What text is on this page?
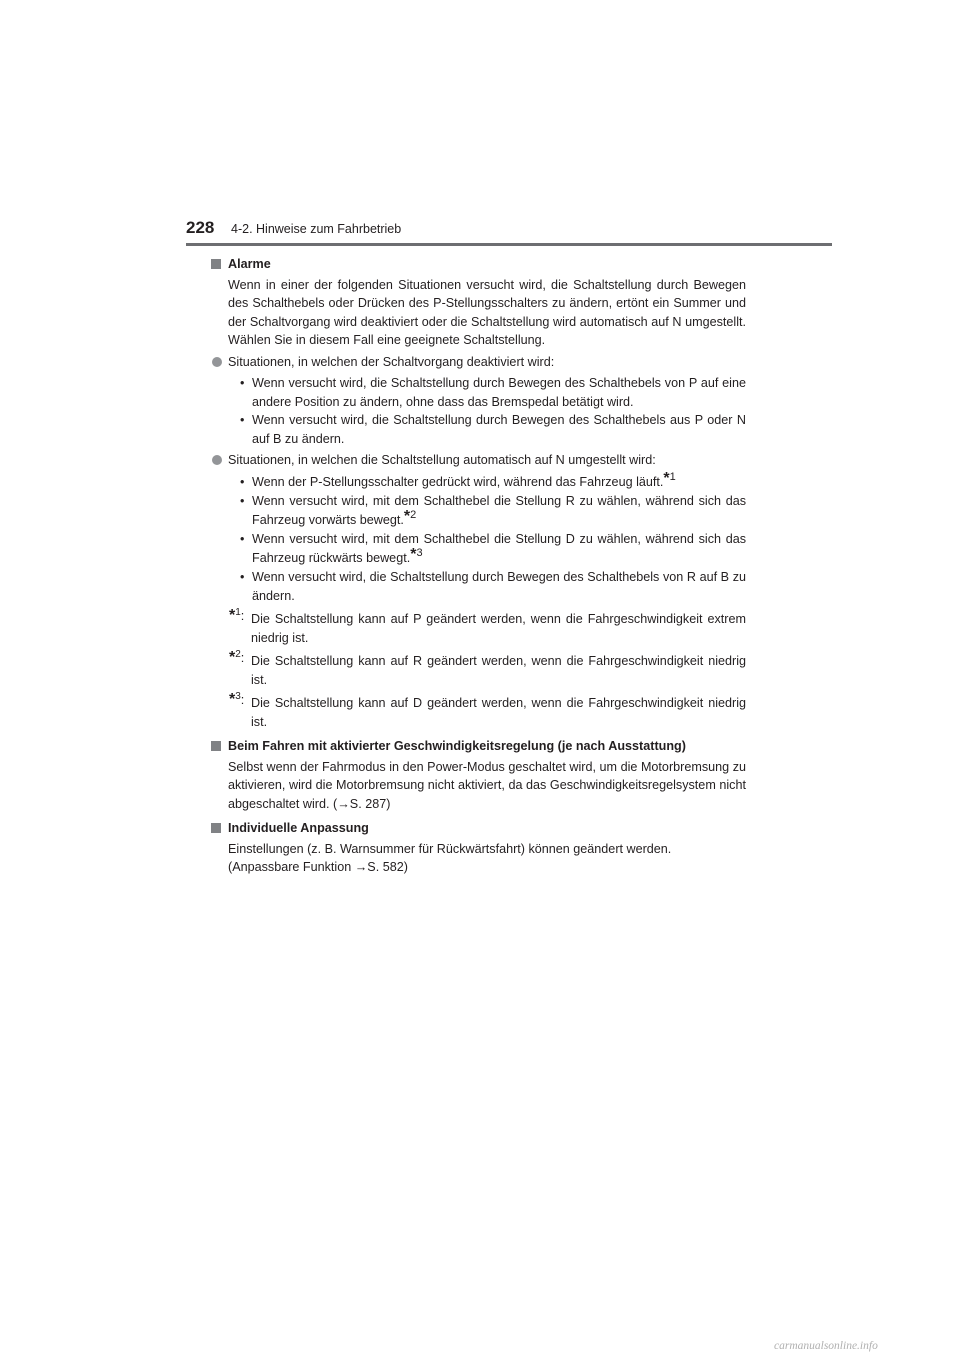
228 4-2. Hinweise zum Fahrbetrieb
Alarme
Wenn in einer der folgenden Situationen versucht wird, die Schaltstellung durch Bewegen des Schalthebels oder Drücken des P-Stellungsschalters zu ändern, ertönt ein Summer und der Schaltvorgang wird deaktiviert oder die Schaltstellung wird automatisch auf N umgestellt. Wählen Sie in diesem Fall eine geeignete Schaltstellung.
Situationen, in welchen der Schaltvorgang deaktiviert wird:
• Wenn versucht wird, die Schaltstellung durch Bewegen des Schalthebels von P auf eine andere Position zu ändern, ohne dass das Bremspedal betätigt wird.
• Wenn versucht wird, die Schaltstellung durch Bewegen des Schalthebels aus P oder N auf B zu ändern.
Situationen, in welchen die Schaltstellung automatisch auf N umgestellt wird:
• Wenn der P-Stellungsschalter gedrückt wird, während das Fahrzeug läuft.*1
• Wenn versucht wird, mit dem Schalthebel die Stellung R zu wählen, während sich das Fahrzeug vorwärts bewegt.*2
• Wenn versucht wird, mit dem Schalthebel die Stellung D zu wählen, während sich das Fahrzeug rückwärts bewegt.*3
• Wenn versucht wird, die Schaltstellung durch Bewegen des Schalthebels von R auf B zu ändern.
*$^1$: Die Schaltstellung kann auf P geändert werden, wenn die Fahrgeschwindigkeit extrem niedrig ist.
*$^2$: Die Schaltstellung kann auf R geändert werden, wenn die Fahrgeschwindigkeit niedrig ist.
*$^3$: Die Schaltstellung kann auf D geändert werden, wenn die Fahrgeschwindigkeit niedrig ist.
Beim Fahren mit aktivierter Geschwindigkeitsregelung (je nach Ausstattung)
Selbst wenn der Fahrmodus in den Power-Modus geschaltet wird, um die Motorbremsung zu aktivieren, wird die Motorbremsung nicht aktiviert, da das Geschwindigkeitsregelsystem nicht abgeschaltet wird. (→S. 287)
Individuelle Anpassung
Einstellungen (z. B. Warnsummer für Rückwärtsfahrt) können geändert werden.
(Anpassbare Funktion →S. 582)
carmanualsonline.info
